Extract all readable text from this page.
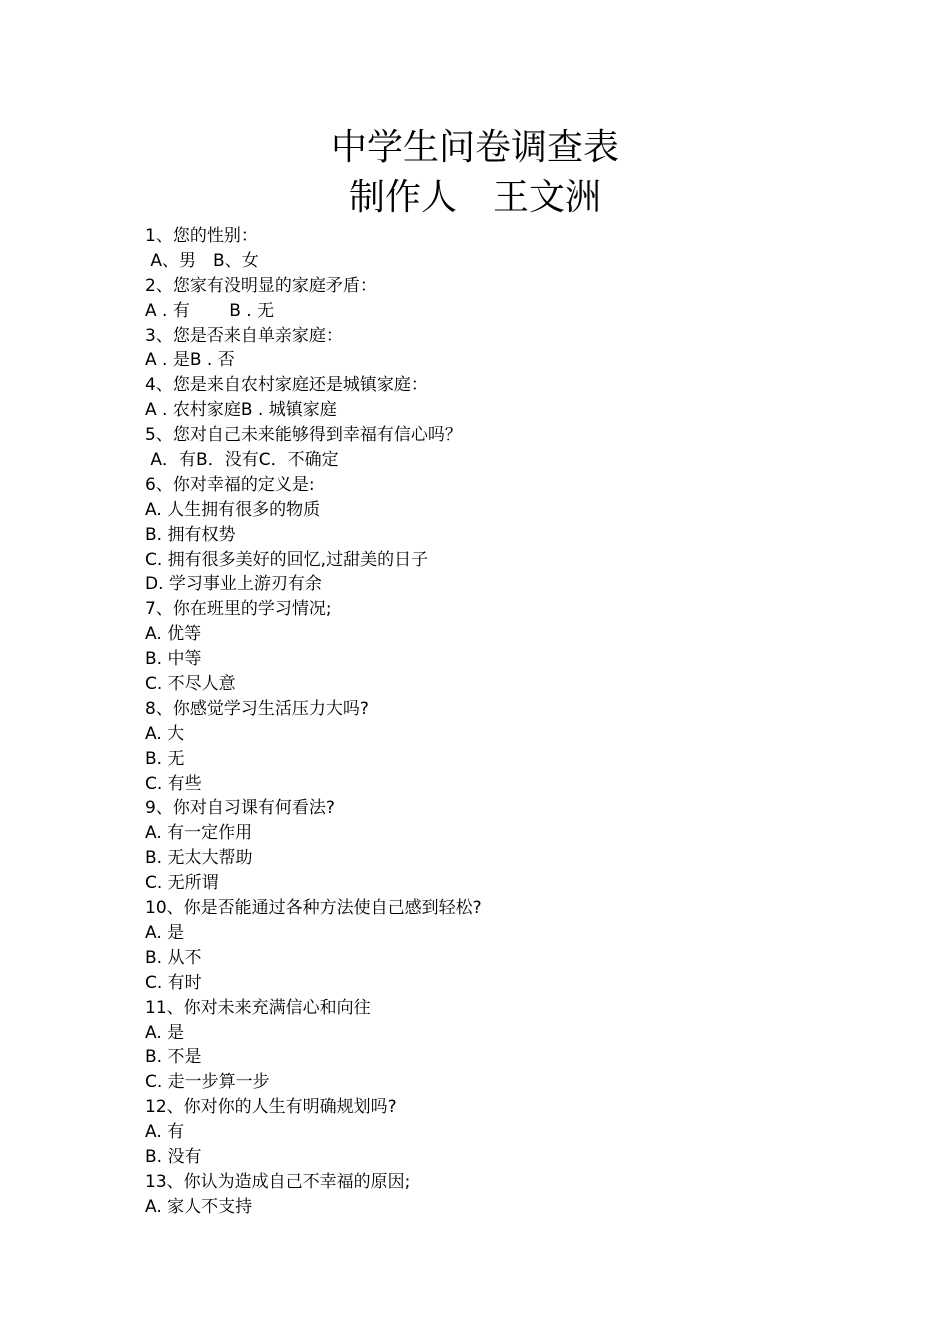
中学生问卷调查表
制作人　王文洲
1、您的性别：
A、男　B、女
2、您家有没明显的家庭矛盾：
A . 有　　 B . 无
3、您是否来自单亲家庭：
A . 是B . 否
4、您是来自农村家庭还是城镇家庭：
A . 农村家庭B . 城镇家庭
5、您对自己未来能够得到幸福有信心吗？
A．有B．没有C．不确定
6、你对幸福的定义是:
A. 人生拥有很多的物质
B. 拥有权势
C. 拥有很多美好的回忆,过甜美的日子
D. 学习事业上游刃有余
7、你在班里的学习情况;
A. 优等
B. 中等
C. 不尽人意
8、你感觉学习生活压力大吗?
A. 大
B. 无
C. 有些
9、你对自习课有何看法?
A. 有一定作用
B. 无太大帮助
C. 无所谓
10、你是否能通过各种方法使自己感到轻松?
A. 是
B. 从不
C. 有时
11、你对未来充满信心和向往
A. 是
B. 不是
C. 走一步算一步
12、你对你的人生有明确规划吗?
A. 有
B. 没有
13、你认为造成自己不幸福的原因;
A. 家人不支持
